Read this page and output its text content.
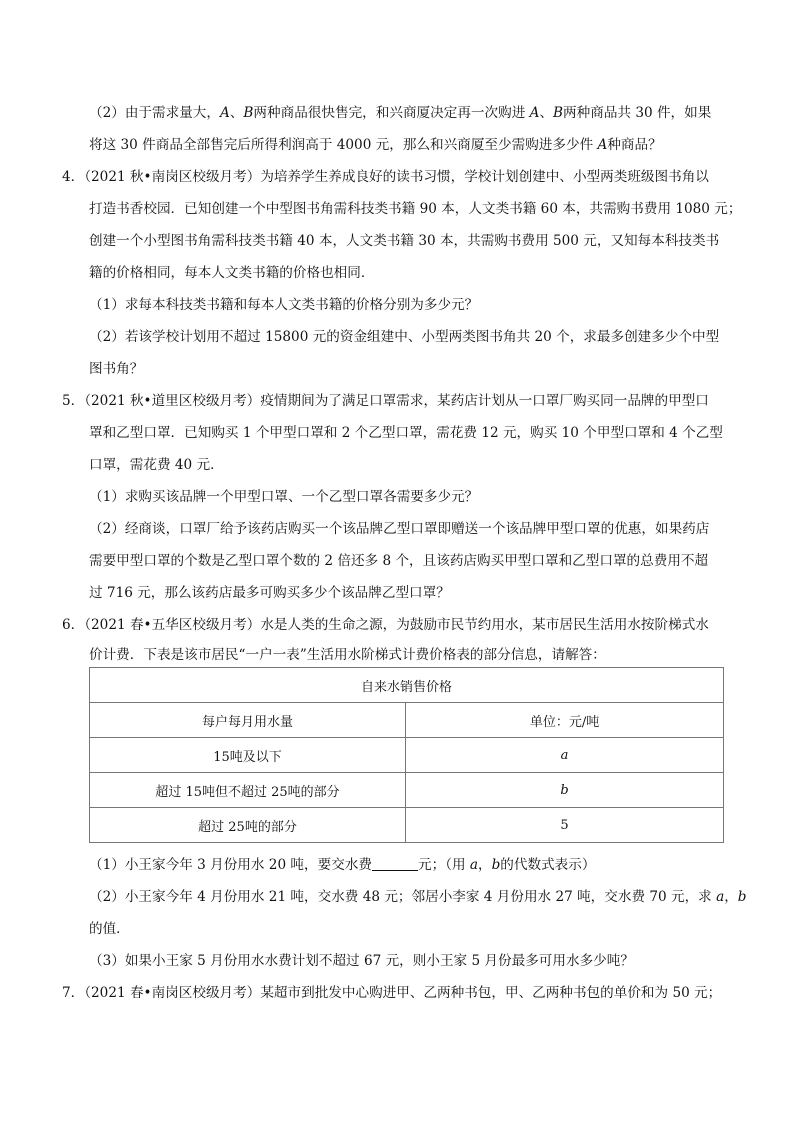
自来水销售价格	
每户每月用水量	单位：元/吨
15吨及以下	a
超过 15吨但不超过 25吨的部分	b
超过 25吨的部分	5
（2）由于需求量大，A、B两种商品很快售完，和兴商厦决定再一次购进 A、B两种商品共 30 件，如果
将这 30 件商品全部售完后所得利润高于 4000 元，那么和兴商厦至少需购进多少件 A种商品？
4．（2021 秋•南岗区校级月考）为培养学生养成良好的读书习惯，学校计划创建中、小型两类班级图书角以
打造书香校园．已知创建一个中型图书角需科技类书籍 90 本，人文类书籍 60 本，共需购书费用 1080 元；
创建一个小型图书角需科技类书籍 40 本，人文类书籍 30 本，共需购书费用 500 元，又知每本科技类书
籍的价格相同，每本人文类书籍的价格也相同．
（1）求每本科技类书籍和每本人文类书籍的价格分别为多少元？
（2）若该学校计划用不超过 15800 元的资金组建中、小型两类图书角共 20 个，求最多创建多少个中型
图书角？
5．（2021 秋•道里区校级月考）疫情期间为了满足口罩需求，某药店计划从一口罩厂购买同一品牌的甲型口
罩和乙型口罩．已知购买 1 个甲型口罩和 2 个乙型口罩，需花费 12 元，购买 10 个甲型口罩和 4 个乙型
口罩，需花费 40 元．
（1）求购买该品牌一个甲型口罩、一个乙型口罩各需要多少元？
（2）经商谈，口罩厂给予该药店购买一个该品牌乙型口罩即赠送一个该品牌甲型口罩的优惠，如果药店
需要甲型口罩的个数是乙型口罩个数的 2 倍还多 8 个，且该药店购买甲型口罩和乙型口罩的总费用不超
过 716 元，那么该药店最多可购买多少个该品牌乙型口罩？
6．（2021 春•五华区校级月考）水是人类的生命之源，为鼓励市民节约用水，某市居民生活用水按阶梯式水
价计费．下表是该市居民“一户一表”生活用水阶梯式计费价格表的部分信息，请解答：
（1）小王家今年 3 月份用水 20 吨，要交水费	元；（用 a，b的代数式表示）
（2）小王家今年 4 月份用水 21 吨，交水费 48 元；邻居小李家 4 月份用水 27 吨，交水费 70 元，求 a，b
的值．
（3）如果小王家 5 月份用水水费计划不超过 67 元，则小王家 5 月份最多可用水多少吨？
7．（2021 春•南岗区校级月考）某超市到批发中心购进甲、乙两种书包，甲、乙两种书包的单价和为 50 元；
